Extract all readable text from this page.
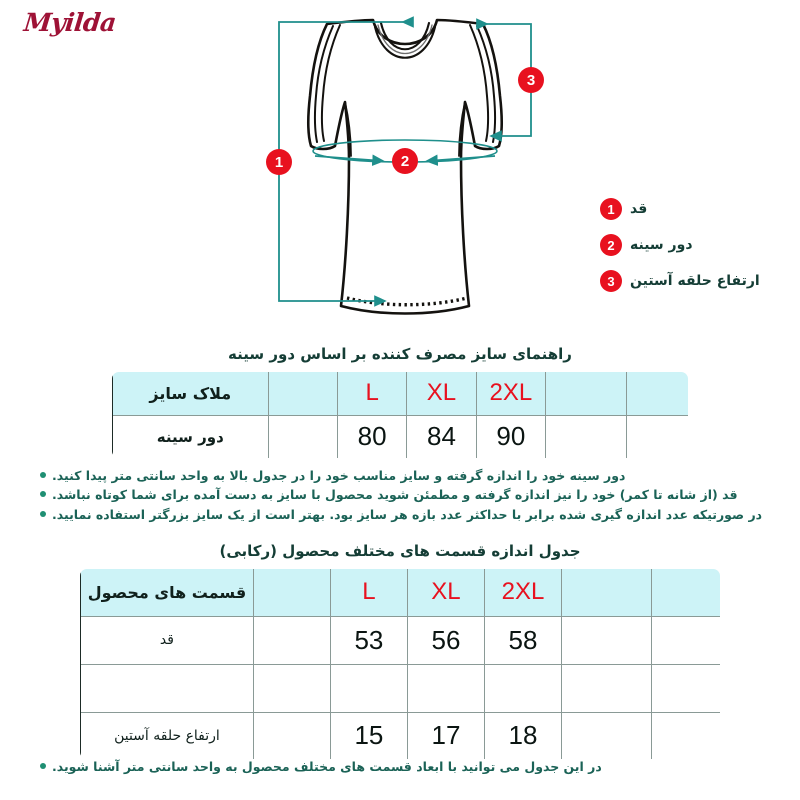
Myilda
1	2
3
1	قد
2	دور سینه
3	ارتفاع حلقه آستین
راهنمای سایز مصرف کننده بر اساس دور سینه
		2XL	XL	L		ملاک سایز
		90	84	80		دور سینه
دور سینه خود را اندازه گرفته و سایز مناسب خود را در جدول بالا به واحد سانتی متر پیدا کنید.
قد (از شانه تا کمر) خود را نیز اندازه گرفته و مطمئن شوید محصول با سایز به دست آمده برای شما کوتاه نباشد.
در صورتیکه عدد اندازه گیری شده برابر با حداکثر عدد بازه هر سایز بود. بهتر است از یک سایز بزرگتر استفاده نمایید.
جدول اندازه قسمت های مختلف محصول (رکابی)
		2XL	XL	L		قسمت های محصول
		58	56	53		قد

		18	17	15		ارتفاع حلقه آستین
در این جدول می توانید با ابعاد قسمت های مختلف محصول به واحد سانتی متر آشنا شوید.
